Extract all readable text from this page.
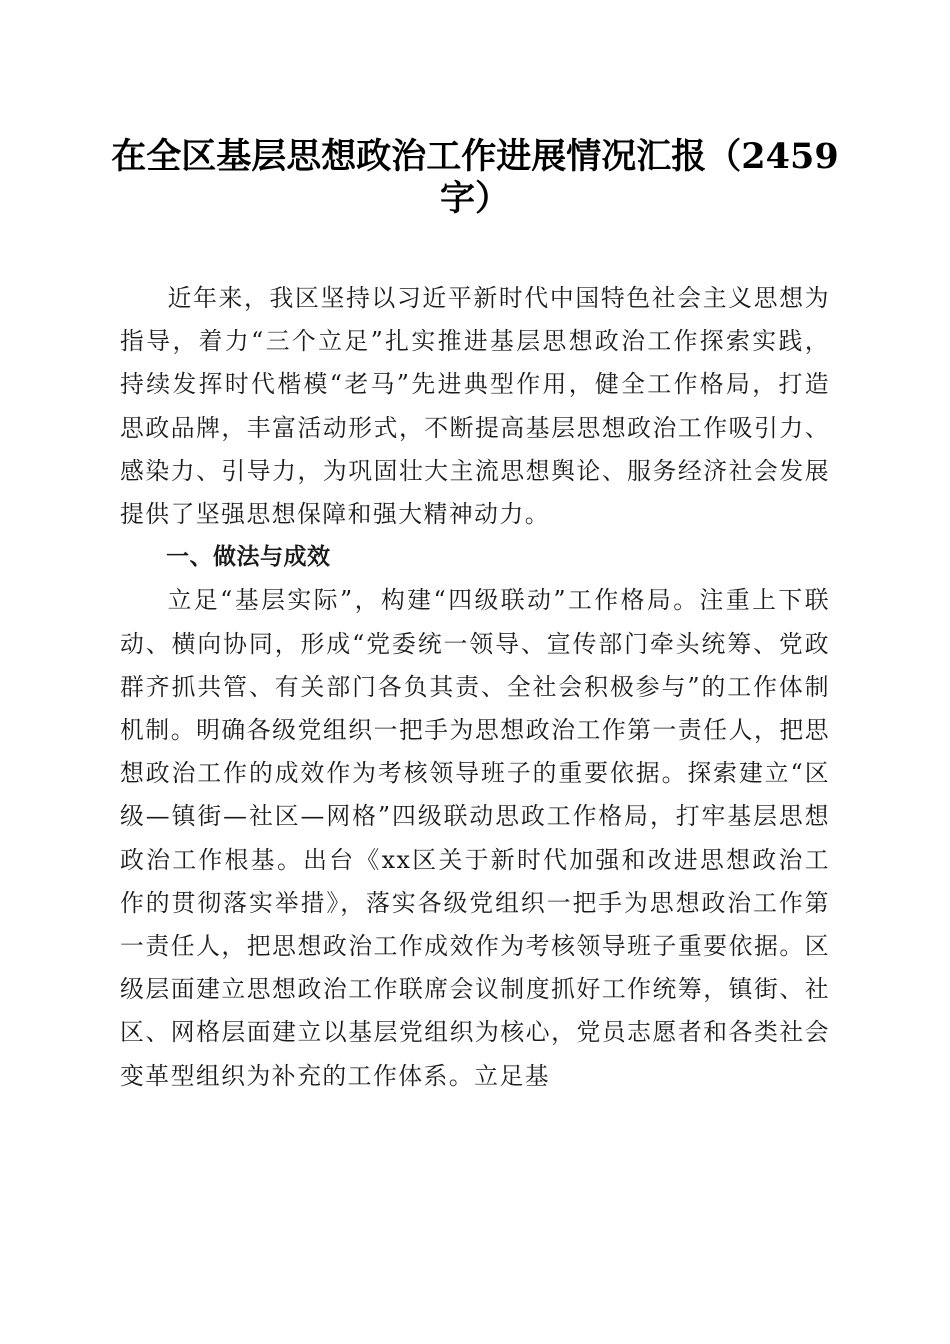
在全区基层思想政治工作进展情况汇报（2459字）

近年来，我区坚持以习近平新时代中国特色社会主义思想为指导，着力“三个立足”扎实推进基层思想政治工作探索实践，持续发挥时代楷模“老马”先进典型作用，健全工作格局，打造思政品牌，丰富活动形式，不断提高基层思想政治工作吸引力、感染力、引导力，为巩固壮大主流思想舆论、服务经济社会发展提供了坚强思想保障和强大精神动力。

一、做法与成效

立足“基层实际”，构建“四级联动”工作格局。注重上下联动、横向协同，形成“党委统一领导、宣传部门牵头统筹、党政群齐抓共管、有关部门各负其责、全社会积极参与”的工作体制机制。明确各级党组织一把手为思想政治工作第一责任人，把思想政治工作的成效作为考核领导班子的重要依据。探索建立“区级—镇街—社区—网格”四级联动思政工作格局，打牢基层思想政治工作根基。出台《xx区关于新时代加强和改进思想政治工作的贯彻落实举措》，落实各级党组织一把手为思想政治工作第一责任人，把思想政治工作成效作为考核领导班子重要依据。区级层面建立思想政治工作联席会议制度抓好工作统筹，镇街、社区、网格层面建立以基层党组织为核心，党员志愿者和各类社会变革型组织为补充的工作体系。立足基
